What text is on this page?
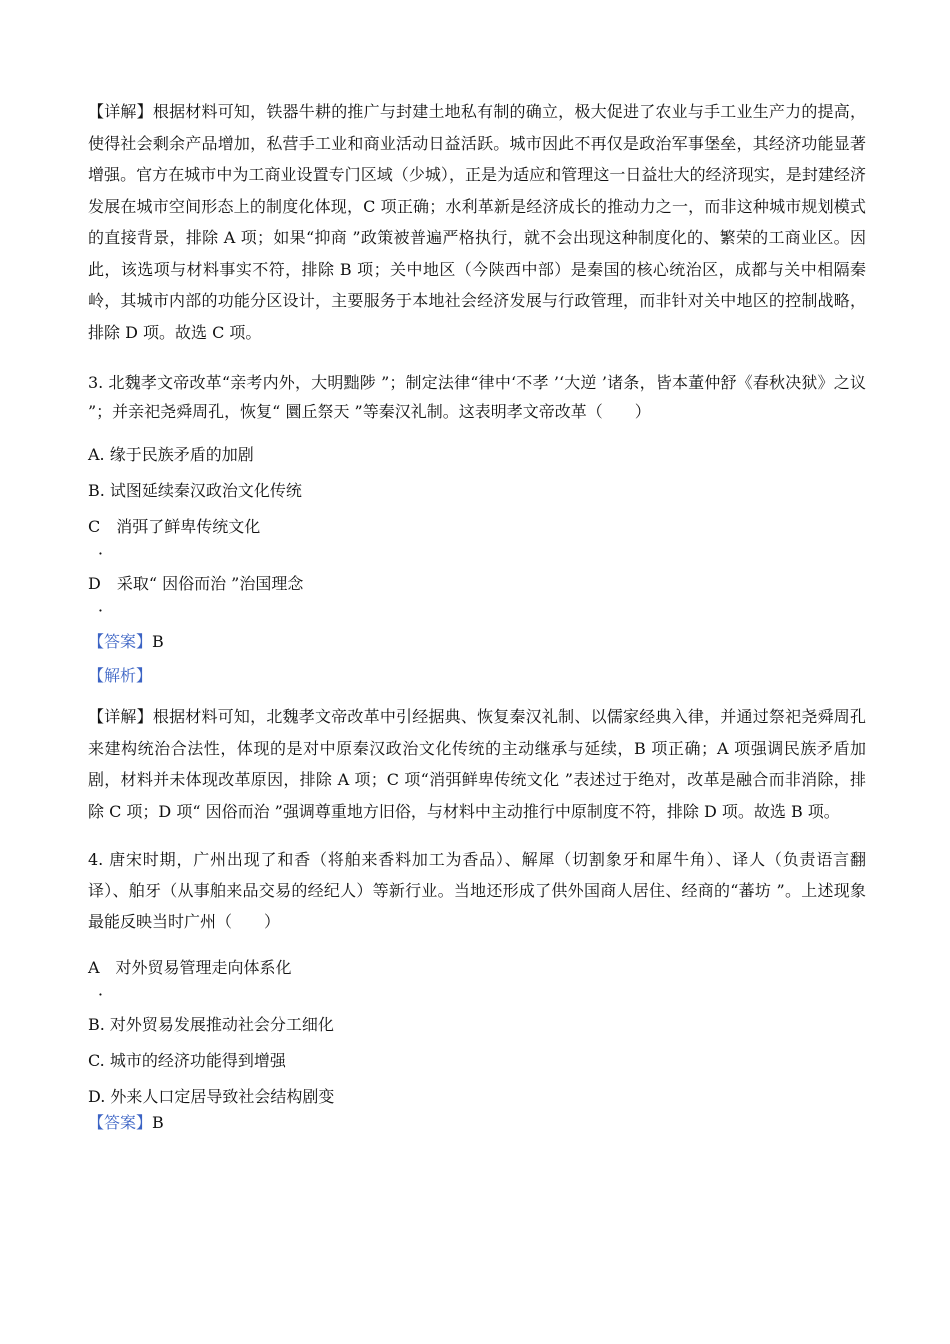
【详解】根据材料可知，铁器牛耕的推广与封建土地私有制的确立，极大促进了农业与手工业生产力的提高，使得社会剩余产品增加，私营手工业和商业活动日益活跃。城市因此不再仅是政治军事堡垒，其经济功能显著增强。官方在城市中为工商业设置专门区域（少城），正是为适应和管理这一日益壮大的经济现实，是封建经济发展在城市空间形态上的制度化体现，C 项正确；水利革新是经济成长的推动力之一，而非这种城市规划模式的直接背景，排除 A 项；如果“抑商 ”政策被普遍严格执行，就不会出现这种制度化的、繁荣的工商业区。因此，该选项与材料事实不符，排除 B 项；关中地区（今陕西中部）是秦国的核心统治区，成都与关中相隔秦岭，其城市内部的功能分区设计，主要服务于本地社会经济发展与行政管理，而非针对关中地区的控制战略，排除 D 项。故选 C 项。

3. 北魏孝文帝改革“亲考内外，大明黜陟 ”；制定法律“律中‘不孝 ’‘大逆 ’诸条，皆本董仲舒《春秋决狱》之议 ”；并亲祀尧舜周孔，恢复“ 圜丘祭天 ”等秦汉礼制。这表明孝文帝改革（　　）

A. 缘于民族矛盾的加剧

B. 试图延续秦汉政治文化传统

C　消弭了鲜卑传统文化

．

D　采取“ 因俗而治 ”治国理念

．

【答案】B

【解析】

【详解】根据材料可知，北魏孝文帝改革中引经据典、恢复秦汉礼制、以儒家经典入律，并通过祭祀尧舜周孔来建构统治合法性，体现的是对中原秦汉政治文化传统的主动继承与延续，B 项正确；A 项强调民族矛盾加剧，材料并未体现改革原因，排除 A 项；C 项“消弭鲜卑传统文化 ”表述过于绝对，改革是融合而非消除，排除 C 项；D 项“ 因俗而治 ”强调尊重地方旧俗，与材料中主动推行中原制度不符，排除 D 项。故选 B 项。

4. 唐宋时期，广州出现了和香（将舶来香料加工为香品）、解犀（切割象牙和犀牛角）、译人（负责语言翻译）、舶牙（从事舶来品交易的经纪人）等新行业。当地还形成了供外国商人居住、经商的“蕃坊 ”。上述现象最能反映当时广州（　　）

A　对外贸易管理走向体系化

．

B. 对外贸易发展推动社会分工细化

C. 城市的经济功能得到增强

D. 外来人口定居导致社会结构剧变

【答案】B
